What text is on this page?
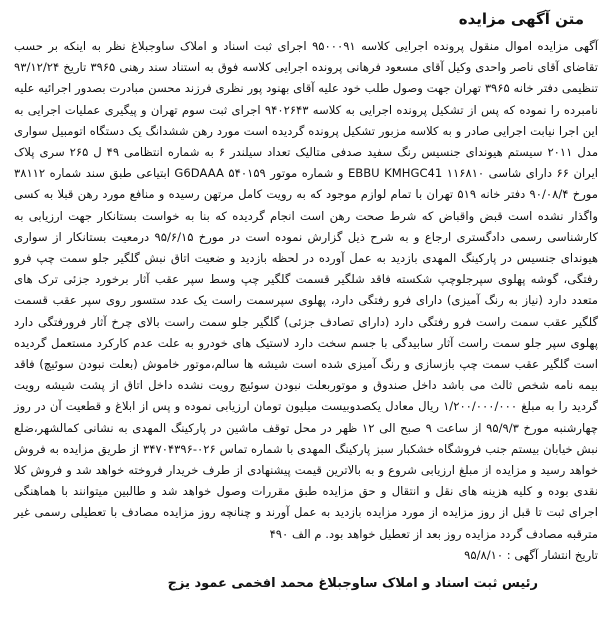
متن آگهی مزایده

آگهی مزایده اموال منقول پرونده اجرایی کلاسه ۹۵۰۰۰۹۱ اجرای ثبت اسناد و املاک ساوجبلاغ نظر به اینکه بر حسب تقاضای آقای ناصر واحدی وکیل آقای مسعود فرهانی پرونده اجرایی کلاسه فوق به استناد سند رهنی ۳۹۶۵ تاریخ ۹۳/۱۲/۲۴ تنظیمی دفتر خانه ۳۹۶۵ تهران جهت وصول طلب خود علیه آقای بهنود پور نظری فرزند محسن مبادرت بصدور اجرائیه علیه نامبرده را نموده که پس از تشکیل پرونده اجرایی به کلاسه ۹۴۰۲۶۴۳ اجرای ثبت سوم تهران و پیگیری عملیات اجرایی به این اجرا نیابت اجرایی صادر و به کلاسه مزبور تشکیل پرونده گردیده است مورد رهن ششدانگ یک دستگاه اتومبیل سواری مدل ۲۰۱۱ سیستم هیوندای جنسیس رنگ سفید صدفی متالیک تعداد سیلندر ۶ به شماره انتظامی ۴۹ ل ۲۶۵ سری پلاک ایران ۶۶ دارای شاسی ۱۱۶۸۱۰ EBBU KMHGC41 و شماره موتور G6DAAA ۵۴۰۱۵۹ ابتیاعی طبق سند شماره ۳۸۱۱۲ مورخ ۹۰/۰۸/۴ دفتر خانه ۵۱۹ تهران با تمام لوازم موجود که به رویت کامل مرتهن رسیده و منافع مورد رهن قبلا به کسی واگذار نشده است قبض واقباض که شرط صحت رهن است انجام گردیده که بنا به خواست بستانکار جهت ارزیابی به کارشناسی رسمی دادگستری ارجاع و به شرح ذیل گزارش نموده است در مورخ ۹۵/۶/۱۵ درمعیت بستانکار از سواری هیوندای جنسیس در پارکینگ المهدی بازدید به عمل آورده در لحظه بازدید و ضعیت اتاق نبش گلگیر جلو سمت چپ فرو رفتگی، گوشه پهلوی سپرجلوچپ شکسته فاقد شلگیر قسمت گلگیر چپ وسط سپر عقب آثار برخورد جزئی ترک های متعدد دارد (نیاز به رنگ آمیزی) دارای فرو رفتگی دارد، پهلوی سپرسمت راست یک عدد ستسور روی سپر عقب قسمت گلگیر عقب سمت راست فرو رفتگی دارد (دارای تصادف جزئی) گلگیر جلو سمت راست بالای چرخ آثار فرورفتگی دارد پهلوی سپر جلو سمت راست آثار سابیدگی با جسم سخت دارد لاستیک های خودرو به علت عدم کارکرد مستعمل گردیده است گلگیر عقب سمت چپ بازسازی و رنگ آمیزی شده است شیشه ها سالم،موتور خاموش (بعلت نبودن سوئیچ) فاقد بیمه نامه شخص ثالث می باشد داخل صندوق و موتوربعلت نبودن سوئیچ رویت نشده داخل اتاق از پشت شیشه رویت گردید را به مبلغ ۱/۲۰۰/۰۰۰/۰۰۰ ریال معادل یکصدوبیست میلیون تومان ارزیابی نموده و پس از ابلاغ و قطعیت آن در روز چهارشنبه مورخ ۹۵/۹/۳ از ساعت ۹ صبح الی ۱۲ ظهر در محل توقف ماشین در پارکینگ المهدی به نشانی کمالشهر،ضلع نبش خیابان بیستم جنب فروشگاه خشکبار سبز پارکینگ المهدی با شماره تماس ۰۲۶-۳۴۷۰۴۳۹۶ از طریق مزایده به فروش خواهد رسید و مزایده از مبلغ ارزیابی شروع و به بالاترین قیمت پیشنهادی از طرف خریدار فروخته خواهد شد و فروش کلا نقدی بوده و کلیه هزینه های نقل و انتقال و حق مزایده طبق مقررات وصول خواهد شد و طالبین میتوانند با هماهنگی اجرای ثبت تا قبل از روز مزایده از مورد مزایده بازدید به عمل آورند و چنانچه روز مزایده مصادف با تعطیلی رسمی غیر مترقبه مصادف گردد مزایده روز بعد از تعطیل خواهد بود. م الف ۴۹۰

تاریخ انتشار آگهی : ۹۵/۸/۱۰
رئیس ثبت اسناد و املاک ساوجبلاغ محمد افخمی عمود یزج
